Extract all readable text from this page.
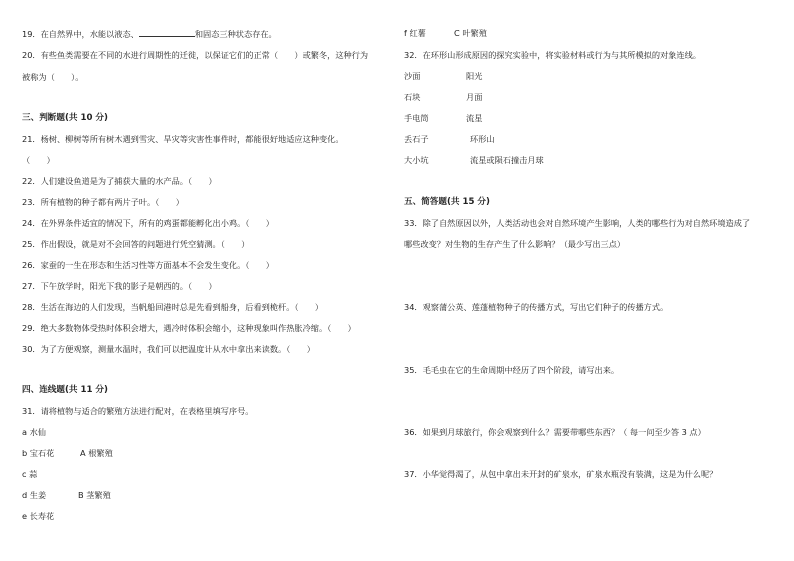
19．在自然界中，水能以液态、	和固态三种状态存在。
20．有些鱼类需要在不同的水进行周期性的迁徙，以保证它们的正常（　　）或繁冬，这种行为
被称为（　　）。
三、判断题(共 10 分)
21．杨树、柳树等所有树木遇到雪灾、旱灾等灾害性事件时，都能很好地适应这种变化。
（　　）
22．人们建设鱼道是为了捕获大量的水产品。（　　）
23．所有植物的种子都有两片子叶。（　　）
24．在外界条件适宜的情况下，所有的鸡蛋都能孵化出小鸡。（　　）
25．作出假设，就是对不会回答的问题进行凭空猜测。（　　）
26．家蚕的一生在形态和生活习性等方面基本不会发生变化。（　　）
27．下午放学时，阳光下我的影子是朝西的。（　　）
28．生活在海边的人们发现，当帆船回港时总是先看到船身，后看到桅杆。（　　）
29．绝大多数物体受热时体积会增大，遇冷时体积会缩小，这种现象叫作热胀冷缩。（　　）
30．为了方便观察，测量水温时，我们可以把温度计从水中拿出来读数。（　　）
四、连线题(共 11 分)
31．请将植物与适合的繁殖方法进行配对，在表格里填写序号。
a 水仙
b 宝石花	A 根繁殖
c 蒜
d 生姜	B 茎繁殖
e 长寿花
f 红薯	C 叶繁殖
32．在环形山形成原因的探究实验中，将实验材料或行为与其所模拟的对象连线。
沙面	阳光
石块	月面
手电筒	流星
丢石子	环形山
大小坑	流星或陨石撞击月球
五、简答题(共 15 分)
33．除了自然原因以外，人类活动也会对自然环境产生影响，人类的哪些行为对自然环境造成了
哪些改变？对生物的生存产生了什么影响？（最少写出三点）
34．观察蒲公英、莲蓬植物种子的传播方式，写出它们种子的传播方式。
35．毛毛虫在它的生命周期中经历了四个阶段，请写出来。
36．如果到月球旅行，你会观察到什么？需要带哪些东西？（ 每一问至少答 3 点）
37．小华觉得渴了，从包中拿出未开封的矿泉水，矿泉水瓶没有装满，这是为什么呢？
